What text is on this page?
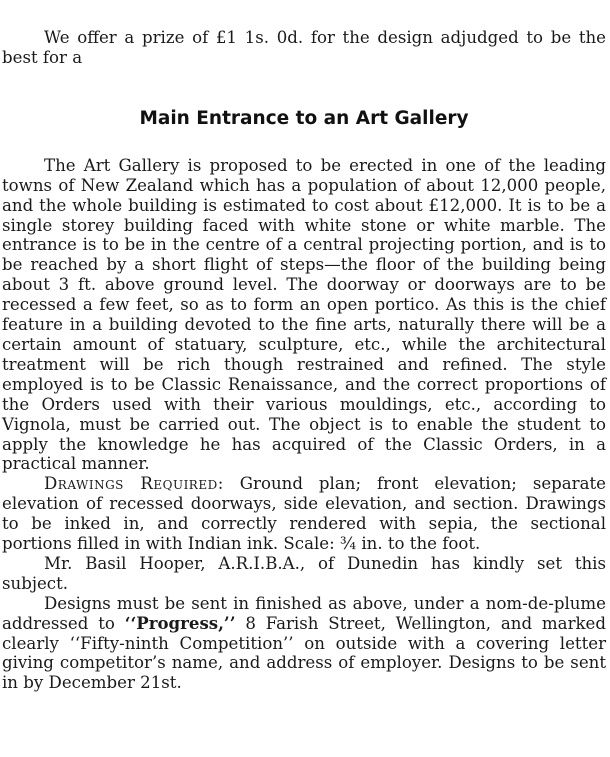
We offer a prize of £1 1s. 0d. for the design adjudged to be the best for a

Main Entrance to an Art Gallery

The Art Gallery is proposed to be erected in one of the leading towns of New Zealand which has a population of about 12,000 people, and the whole building is estimated to cost about £12,000. It is to be a single storey building faced with white stone or white marble. The entrance is to be in the centre of a central projecting portion, and is to be reached by a short flight of steps—the floor of the building being about 3 ft. above ground level. The doorway or doorways are to be recessed a few feet, so as to form an open portico. As this is the chief feature in a building devoted to the fine arts, naturally there will be a certain amount of statuary, sculpture, etc., while the architectural treatment will be rich though restrained and refined. The style employed is to be Classic Renaissance, and the correct proportions of the Orders used with their various mouldings, etc., according to Vignola, must be carried out. The object is to enable the student to apply the knowledge he has acquired of the Classic Orders, in a practical manner.

Drawings Required: Ground plan; front elevation; separate elevation of recessed doorways, side elevation, and section. Drawings to be inked in, and correctly rendered with sepia, the sectional portions filled in with Indian ink. Scale: ¾ in. to the foot.

Mr. Basil Hooper, A.R.I.B.A., of Dunedin has kindly set this subject.

Designs must be sent in finished as above, under a nom-de-plume addressed to ‘‘Progress,’’ 8 Farish Street, Wellington, and marked clearly ‘‘Fifty-ninth Competition’’ on outside with a covering letter giving competitor’s name, and address of employer. Designs to be sent in by December 21st.
